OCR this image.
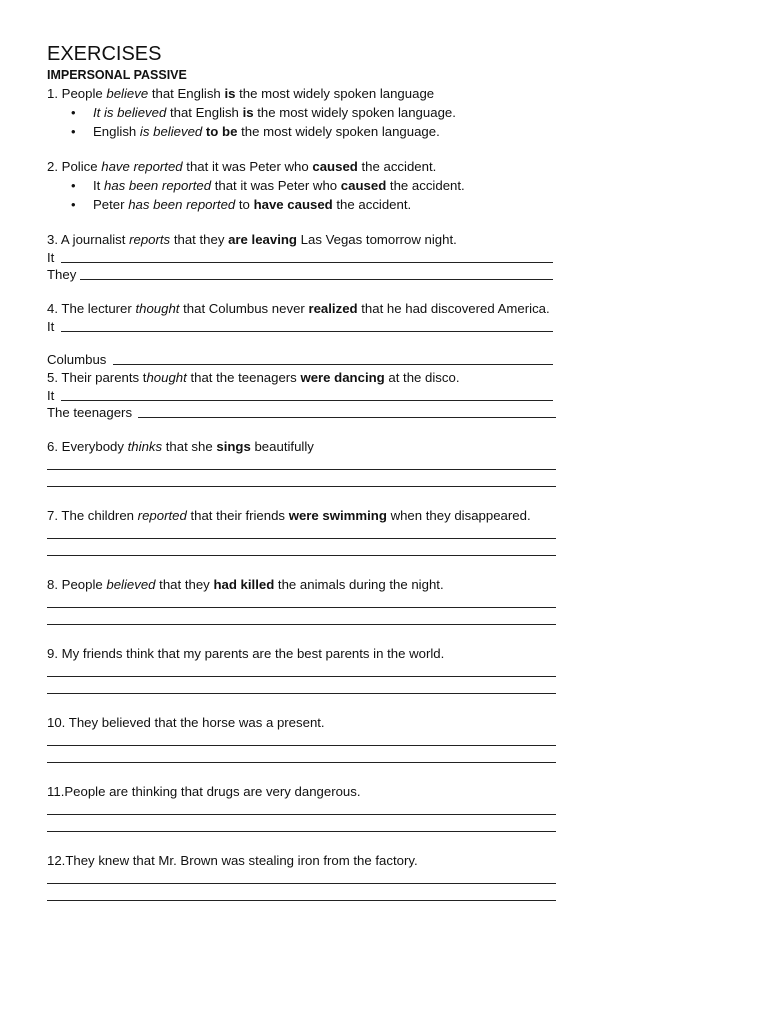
EXERCISES
IMPERSONAL PASSIVE
1. People believe that English is the most widely spoken language
• It is believed that English is the most widely spoken language.
• English is believed to be the most widely spoken language.
2. Police have reported that it was Peter who caused the accident.
• It has been reported that it was Peter who caused the accident.
• Peter has been reported to have caused the accident.
3. A journalist reports that they are leaving Las Vegas tomorrow night.
It
They
4. The lecturer thought that Columbus never realized that he had discovered America.
It
Columbus
5. Their parents thought that the teenagers were dancing at the disco.
It
The teenagers
6. Everybody thinks that she sings beautifully
7. The children reported that their friends were swimming when they disappeared.
8. People believed that they had killed the animals during the night.
9. My friends think that my parents are the best parents in the world.
10. They believed that the horse was a present.
11.People are thinking that drugs are very dangerous.
12.They knew that Mr. Brown was stealing iron from the factory.
